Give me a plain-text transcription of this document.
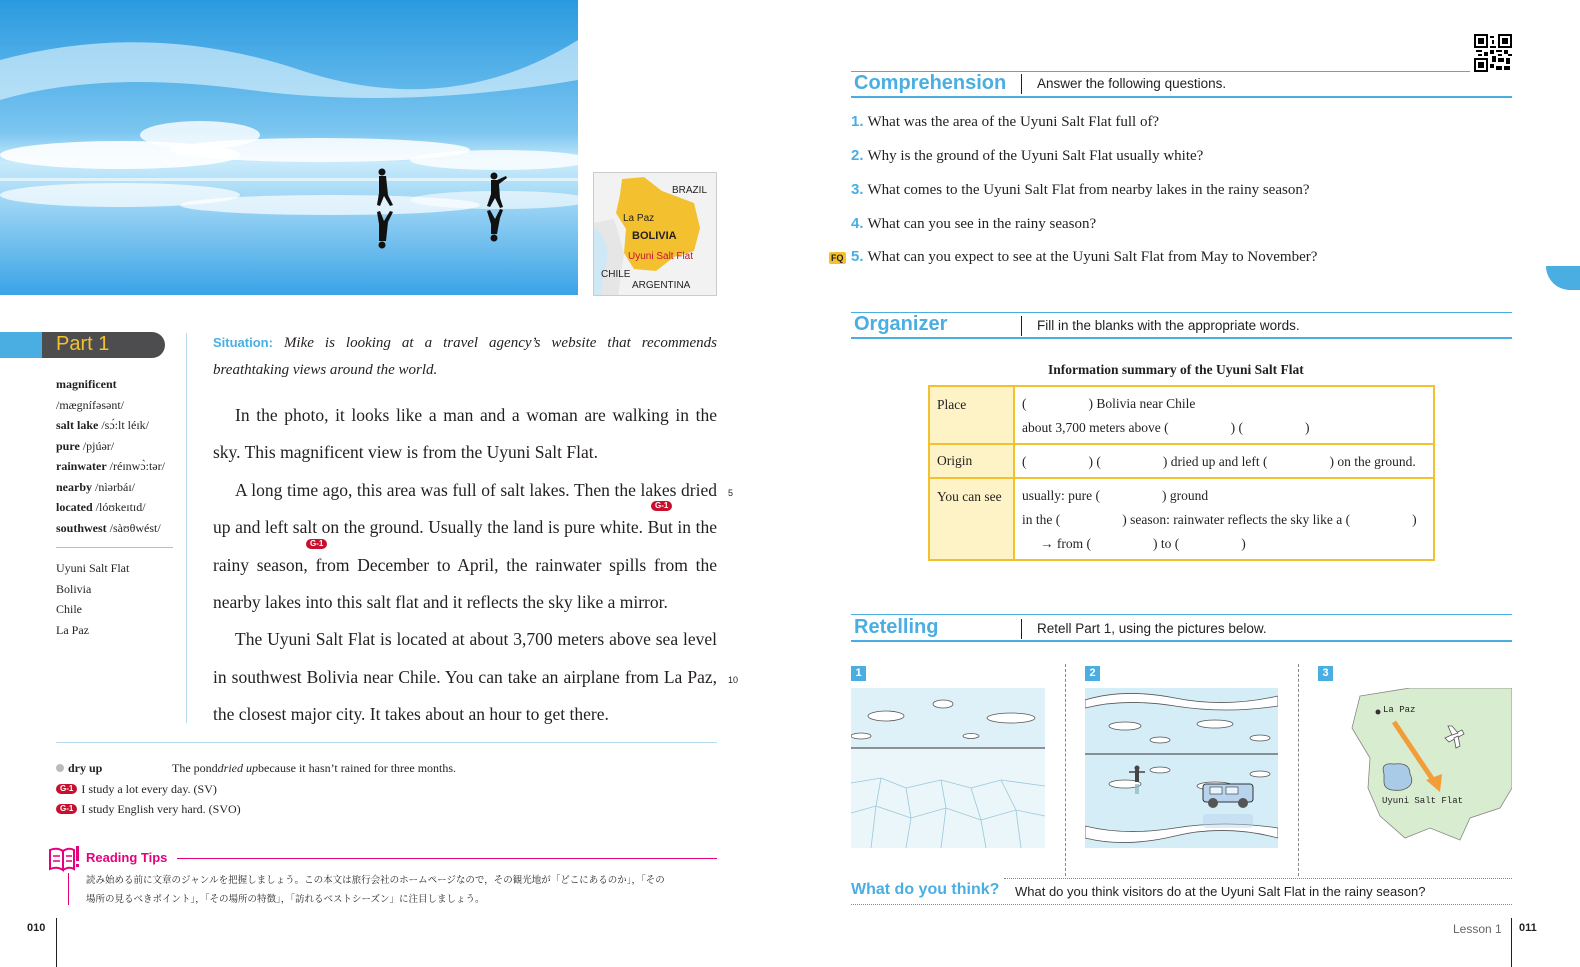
BRAZIL
La Paz
BOLIVIA
Uyuni Salt Flat
CHILE
ARGENTINA
Part 1
magnificent
/mægnífəsənt/
salt lake /sɔ́:lt léɪk/
pure /pjúər/
rainwater /réɪnwɔ̀:tər/
nearby /nìərbáɪ/
located /lóʊkeɪtɪd/
southwest /sàʊθwést/
Uyuni Salt Flat
Bolivia
Chile
La Paz
Situation: Mike is looking at a travel agency’s website that recommends breathtaking views around the world.

In the photo, it looks like a man and a woman are walking in the sky. This magnificent view is from the Uyuni Salt Flat.

A long time ago, this area was full of salt lakes. Then the lakes dried up and left salt on the ground. Usually the land is pure white. But in the rainy season, from December to April, the rainwater spills from the nearby lakes into this salt flat and it reflects the sky like a mirror.

The Uyuni Salt Flat is located at about 3,700 meters above sea level in southwest Bolivia near Chile. You can take an airplane from La Paz, the closest major city. It takes about an hour to get there.

G-1
G-1
5
10
dry up	The pond dried up because it hasn’t rained for three months.
G-1 I study a lot every day. (SV)
G-1 I study English very hard. (SVO)
Reading Tips
読み始める前に文章のジャンルを把握しましょう。この本文は旅行会社のホームページなので，その観光地が「どこにあるのか」，「その
場所の見るべきポイント」，「その場所の特徴」，「訪れるベストシーズン」に注目しましょう。
010
Comprehension Answer the following questions.
FQ
1. What was the area of the Uyuni Salt Flat full of?
2. Why is the ground of the Uyuni Salt Flat usually white?
3. What comes to the Uyuni Salt Flat from nearby lakes in the rainy season?
4. What can you see in the rainy season?
5. What can you expect to see at the Uyuni Salt Flat from May to November?
Organizer	Fill in the blanks with the appropriate words.
Information summary of the Uyuni Salt Flat
Place	( ) Bolivia near Chile
about 3,700 meters above ( ) ( )

Origin	( ) ( ) dried up and left ( ) on the ground.

You can see	usually: pure ( ) ground
in the ( ) season: rainwater reflects the sky like a ( )
→ from ( ) to ( )
Retelling	Retell Part 1, using the pictures below.
1	2	3
La Paz
Uyuni Salt Flat
What do you think? What do you think visitors do at the Uyuni Salt Flat in the rainy season?
Lesson 1 011
